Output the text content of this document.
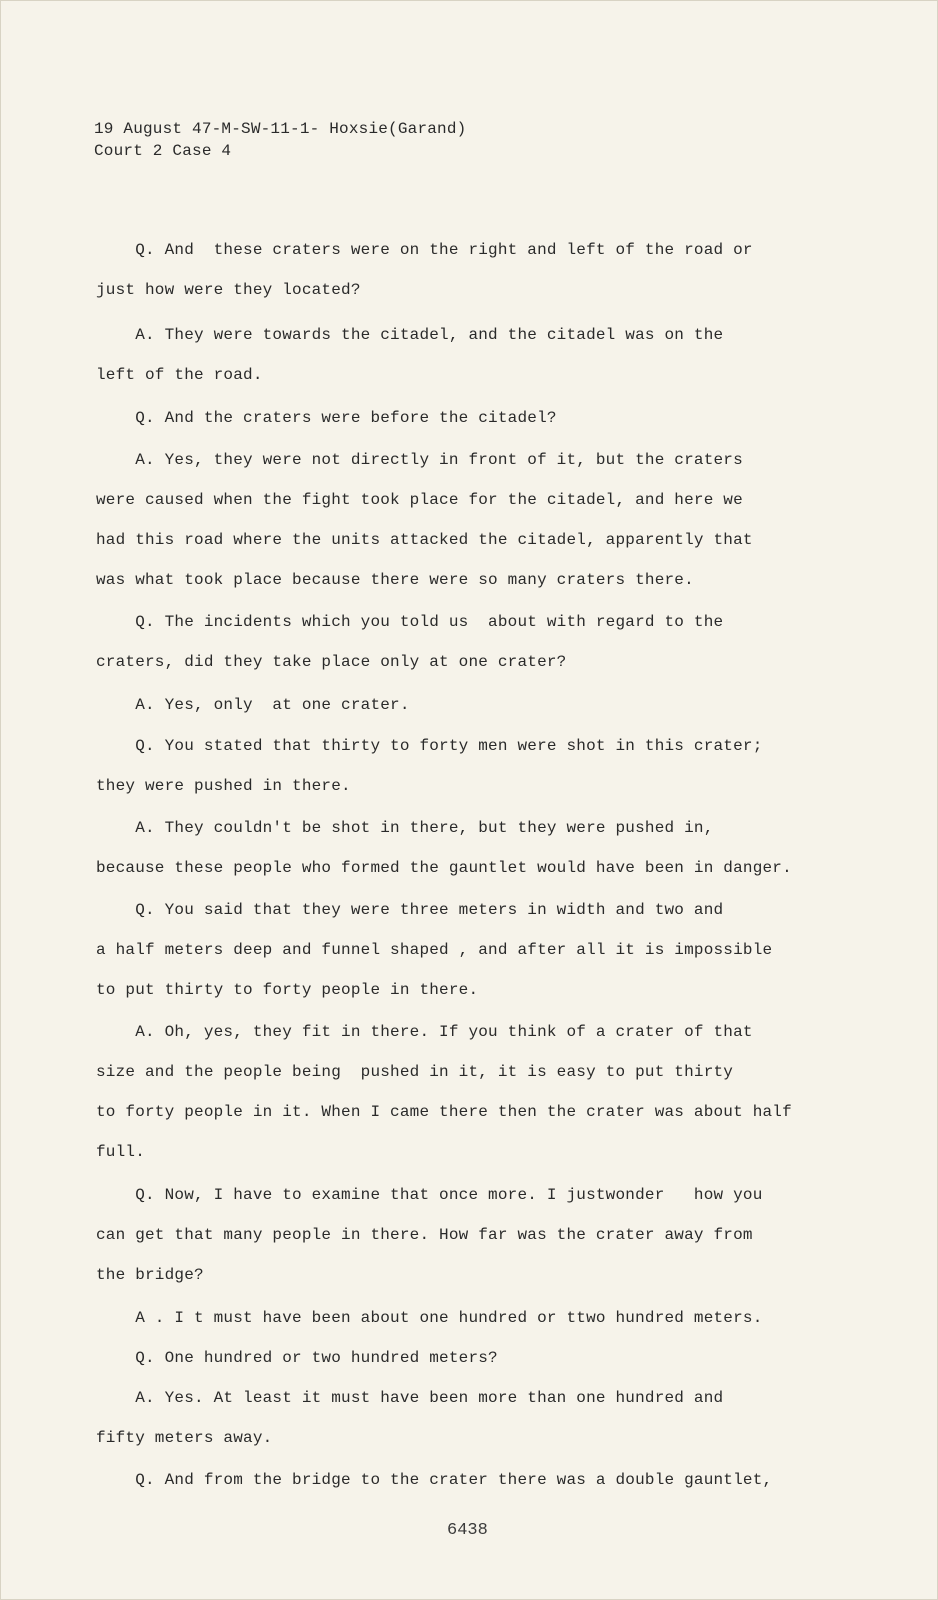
19 August 47-M-SW-11-1- Hoxsie(Garand)
Court 2 Case 4
Q. And  these craters were on the right and left of the road or
just how were they located?
A. They were towards the citadel, and the citadel was on the
left of the road.
Q. And the craters were before the citadel?
A. Yes, they were not directly in front of it, but the craters
were caused when the fight took place for the citadel, and here we
had this road where the units attacked the citadel, apparently that
was what took place because there were so many craters there.
Q. The incidents which you told us  about with regard to the
craters, did they take place only at one crater?
A. Yes, only  at one crater.
Q. You stated that thirty to forty men were shot in this crater;
they were pushed in there.
A. They couldn't be shot in there, but they were pushed in,
because these people who formed the gauntlet would have been in danger.
Q. You said that they were three meters in width and two and
a half meters deep and funnel shaped , and after all it is impossible
to put thirty to forty people in there.
A. Oh, yes, they fit in there. If you think of a crater of that
size and the people being  pushed in it, it is easy to put thirty
to forty people in it. When I came there then the crater was about half
full.
Q. Now, I have to examine that once more. I justwonder   how you
can get that many people in there. How far was the crater away from
the bridge?
A . I t must have been about one hundred or ttwo hundred meters.
Q. One hundred or two hundred meters?
A. Yes. At least it must have been more than one hundred and
fifty meters away.
Q. And from the bridge to the crater there was a double gauntlet,
6438
